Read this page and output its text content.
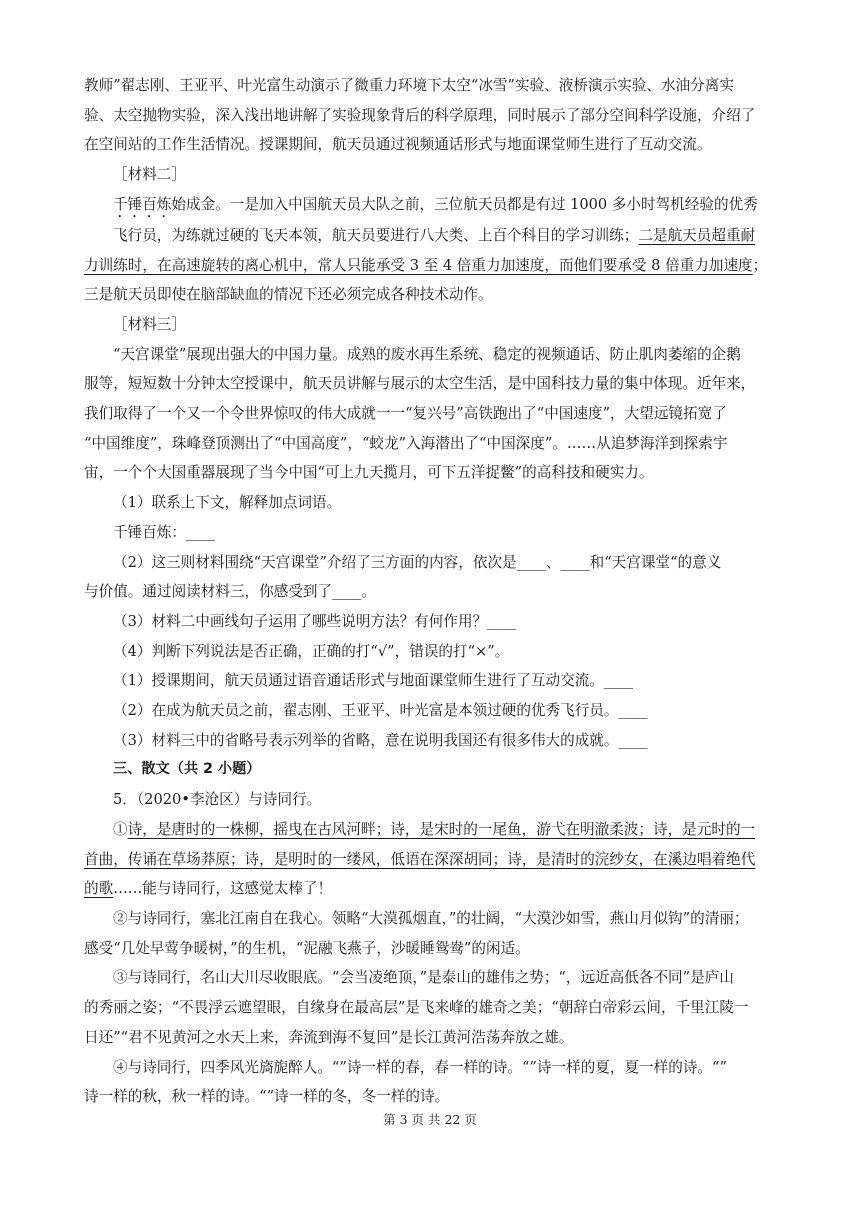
教师”翟志刚、王亚平、叶光富生动演示了微重力环境下太空“冰雪”实验、液桥演示实验、水油分离实

验、太空抛物实验，深入浅出地讲解了实验现象背后的科学原理，同时展示了部分空间科学设施，介绍了

在空间站的工作生活情况。授课期间，航天员通过视频通话形式与地面课堂师生进行了互动交流。

［材料二］

千锤百炼始成金。一是加入中国航天员大队之前，三位航天员都是有过 1000 多小时驾机经验的优秀

飞行员，为练就过硬的飞天本领，航天员要进行八大类、上百个科目的学习训练；二是航天员超重耐

力训练时，在高速旋转的离心机中，常人只能承受 3 至 4 倍重力加速度，而他们要承受 8 倍重力加速度；

三是航天员即使在脑部缺血的情况下还必须完成各种技术动作。

［材料三］

“天宫课堂”展现出强大的中国力量。成熟的废水再生系统、稳定的视频通话、防止肌肉萎缩的企鹅

服等，短短数十分钟太空授课中，航天员讲解与展示的太空生活，是中国科技力量的集中体现。近年来，

我们取得了一个又一个令世界惊叹的伟大成就一一“复兴号”高铁跑出了“中国速度”，大望远镜拓宽了

“中国维度”，珠峰登顶测出了“中国高度”，“蛟龙”入海潜出了“中国深度”。……从追梦海洋到探索宇

宙，一个个大国重器展现了当今中国“可上九天揽月，可下五洋捉鳖”的高科技和硬实力。

（1）联系上下文，解释加点词语。

千锤百炼：____

（2）这三则材料围绕“天宫课堂”介绍了三方面的内容，依次是____、____和“天宫课堂“的意义

与价值。通过阅读材料三，你感受到了____。

（3）材料二中画线句子运用了哪些说明方法？有何作用？____

（4）判断下列说法是否正确，正确的打“√”，错误的打“×”。

（1）授课期间，航天员通过语音通话形式与地面课堂师生进行了互动交流。____

（2）在成为航天员之前，翟志刚、王亚平、叶光富是本领过硬的优秀飞行员。____

（3）材料三中的省略号表示列举的省略，意在说明我国还有很多伟大的成就。____

三、散文（共 2 小题）

5．（2020•李沧区）与诗同行。

①诗，是唐时的一株柳，摇曳在古风河畔；诗，是宋时的一尾鱼，游弋在明澈柔波；诗，是元时的一

首曲，传诵在草场莽原；诗，是明时的一缕风，低语在深深胡同；诗，是清时的浣纱女，在溪边唱着绝代

的歌……能与诗同行，这感觉太棒了！

②与诗同行，塞北江南自在我心。领略“大漠孤烟直，”的壮阔，“大漠沙如雪，燕山月似钩”的清丽；

感受“几处早莺争暖树，”的生机，“泥融飞燕子，沙暖睡鸳鸯”的闲适。

③与诗同行，名山大川尽收眼底。“会当凌绝顶，”是泰山的雄伟之势；“，远近高低各不同”是庐山

的秀丽之姿；“不畏浮云遮望眼，自缘身在最高层”是飞来峰的雄奇之美；“朝辞白帝彩云间，千里江陵一

日还”“君不见黄河之水天上来，奔流到海不复回”是长江黄河浩荡奔放之雄。

④与诗同行，四季风光旖旎醉人。“”诗一样的春，春一样的诗。“”诗一样的夏，夏一样的诗。“”

诗一样的秋，秋一样的诗。“”诗一样的冬，冬一样的诗。

第 3 页 共 22 页
